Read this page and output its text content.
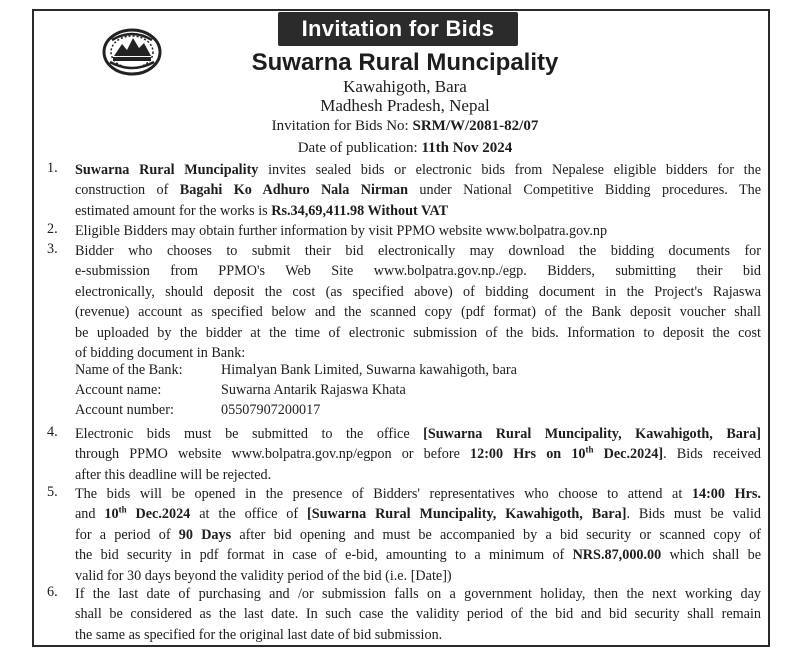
Invitation for Bids
Suwarna Rural Muncipality
Kawahigoth, Bara
Madhesh Pradesh, Nepal
Invitation for Bids No: SRM/W/2081-82/07
Date of publication: 11th Nov 2024
1.	Suwarna Rural Muncipality invites sealed bids or electronic bids from Nepalese eligible bidders for the
construction of Bagahi Ko Adhuro Nala Nirman under National Competitive Bidding procedures. The
estimated amount for the works is Rs.34,69,411.98 Without VAT
2.	Eligible Bidders may obtain further information by visit PPMO website www.bolpatra.gov.np
3.	Bidder who chooses to submit their bid electronically may download the bidding documents for
e-submission from PPMO's Web Site www.bolpatra.gov.np./egp. Bidders, submitting their bid
electronically, should deposit the cost (as specified above) of bidding document in the Project's Rajaswa
(revenue) account as specified below and the scanned copy (pdf format) of the Bank deposit voucher shall
be uploaded by the bidder at the time of electronic submission of the bids. Information to deposit the cost
of bidding document in Bank:
Name of the Bank:	Himalyan Bank Limited, Suwarna kawahigoth, bara
Account name:	Suwarna Antarik Rajaswa Khata
Account number:	05507907200017
4.	Electronic bids must be submitted to the office [Suwarna Rural Muncipality, Kawahigoth, Bara]
through PPMO website www.bolpatra.gov.np/egpon or before 12:00 Hrs on 10th Dec.2024]. Bids received
after this deadline will be rejected.
5.	The bids will be opened in the presence of Bidders' representatives who choose to attend at 14:00 Hrs.
and 10th Dec.2024 at the office of [Suwarna Rural Muncipality, Kawahigoth, Bara]. Bids must be valid
for a period of 90 Days after bid opening and must be accompanied by a bid security or scanned copy of
the bid security in pdf format in case of e-bid, amounting to a minimum of NRS.87,000.00 which shall be
valid for 30 days beyond the validity period of the bid (i.e. [Date])
6.	If the last date of purchasing and /or submission falls on a government holiday, then the next working day
shall be considered as the last date. In such case the validity period of the bid and bid security shall remain
the same as specified for the original last date of bid submission.
